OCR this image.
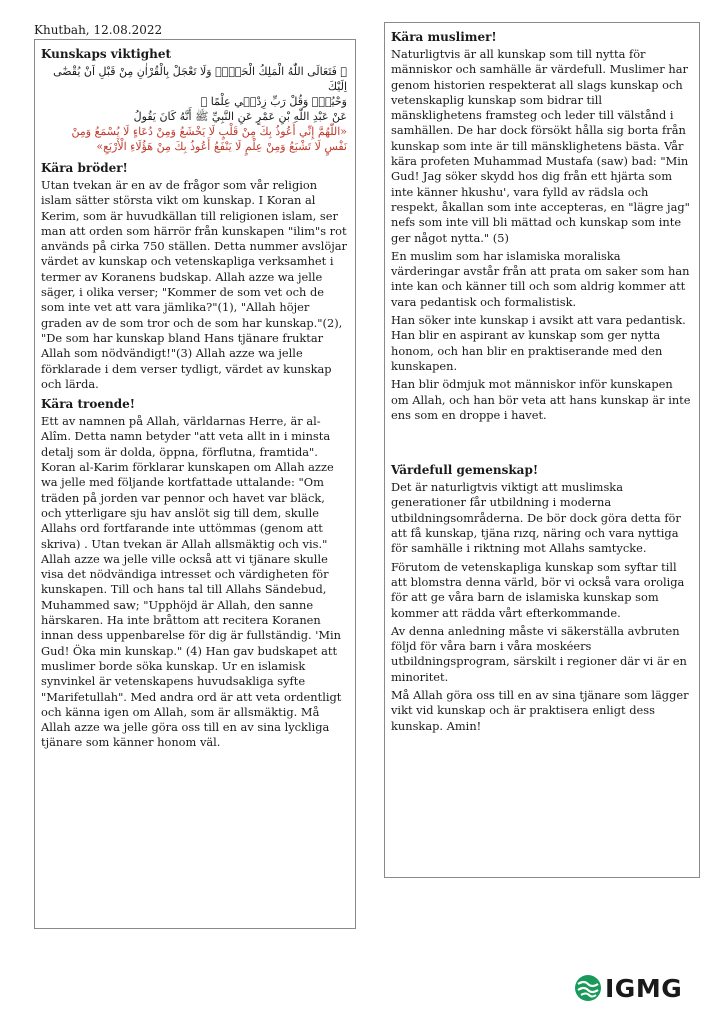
Khutbah, 12.08.2022

Kunskaps viktighet
﴿ فَتَعَالَى اللّٰهُ الْمَلِكُ الْحَقُّۚ وَلَا تَعْجَلْ بِالْقُرْاٰنِ مِنْ قَبْلِ اَنْ يُقْضٰٓى اِلَيْكَ
وَحْيُهُۘ وَقُلْ رَبِّ زِدْن۪ي عِلْمًا ﴾
عَنْ عَبْدِ اللّٰهِ بْنِ عَمْرٍ عَنِ النَّبِيِّ ﷺ أَنَّهُ كَانَ يَقُولُ
«اللّٰهُمَّ إِنِّي أَعُوذُ بِكَ مِنْ قَلْبٍ لَا يَخْشَعُ وَمِنْ دُعَاءٍ لَا يُسْمَعُ وَمِنْ
نَفْسٍ لَا تَشْبَعُ وَمِنْ عِلْمٍ لَا يَنْفَعُ أَعُوذُ بِكَ مِنْ هَؤُلَاءِ الْأَرْبَعِ»
Kära bröder!

Utan tvekan är en av de frågor som vår religion islam sätter största vikt om kunskap. I Koran al Kerim, som är huvudkällan till religionen islam, ser man att orden som härrör från kunskapen "ilim"s rot används på cirka 750 ställen. Detta nummer avslöjar värdet av kunskap och vetenskapliga verksamhet i termer av Koranens budskap. Allah azze wa jelle säger, i olika verser; "Kommer de som vet och de som inte vet att vara jämlika?"(1), "Allah höjer graden av de som tror och de som har kunskap."(2), "De som har kunskap bland Hans tjänare fruktar Allah som nödvändigt!"(3) Allah azze wa jelle förklarade i dem verser tydligt, värdet av kunskap och lärda.

Kära troende!

Ett av namnen på Allah, världarnas Herre, är al-Alîm. Detta namn betyder "att veta allt in i minsta detalj som är dolda, öppna, förflutna, framtida". Koran al-Karim förklarar kunskapen om Allah azze wa jelle med följande kortfattade uttalande: "Om träden på jorden var pennor och havet var bläck, och ytterligare sju hav anslöt sig till dem, skulle Allahs ord fortfarande inte uttömmas (genom att skriva) . Utan tvekan är Allah allsmäktig och vis." Allah azze wa jelle ville också att vi tjänare skulle visa det nödvändiga intresset och värdigheten för kunskapen. Till och hans tal till Allahs Sändebud, Muhammed saw; "Upphöjd är Allah, den sanne härskaren. Ha inte bråttom att recitera Koranen innan dess uppenbarelse för dig är fullständig. 'Min Gud! Öka min kunskap." (4) Han gav budskapet att muslimer borde söka kunskap. Ur en islamisk synvinkel är vetenskapens huvudsakliga syfte "Marifetullah". Med andra ord är att veta ordentligt och känna igen om Allah, som är allsmäktig. Må Allah azze wa jelle göra oss till en av sina lyckliga tjänare som känner honom väl.

Kära muslimer!

Naturligtvis är all kunskap som till nytta för människor och samhälle är värdefull. Muslimer har genom historien respekterat all slags kunskap och vetenskaplig kunskap som bidrar till mänsklighetens framsteg och leder till välstånd i samhällen. De har dock försökt hålla sig borta från kunskap som inte är till mänsklighetens bästa. Vår kära profeten Muhammad Mustafa (saw) bad: "Min Gud! Jag söker skydd hos dig från ett hjärta som inte känner hkushu', vara fylld av rädsla och respekt, åkallan som inte accepteras, en "lägre jag" nefs som inte vill bli mättad och kunskap som inte ger något nytta." (5)

En muslim som har islamiska moraliska värderingar avstår från att prata om saker som han inte kan och känner till och som aldrig kommer att vara pedantisk och formalistisk.

Han söker inte kunskap i avsikt att vara pedantisk. Han blir en aspirant av kunskap som ger nytta honom, och han blir en praktiserande med den kunskapen.

Han blir ödmjuk mot människor inför kunskapen om Allah, och han bör veta att hans kunskap är inte ens som en droppe i havet.

Värdefull gemenskap!

Det är naturligtvis viktigt att muslimska generationer får utbildning i moderna utbildningsområderna. De bör dock göra detta för att få kunskap, tjäna rızq, näring och vara nyttiga för samhälle i riktning mot Allahs samtycke.

Förutom de vetenskapliga kunskap som syftar till att blomstra denna värld, bör vi också vara oroliga för att ge våra barn de islamiska kunskap som kommer att rädda vårt efterkommande.

Av denna anledning måste vi säkerställa avbruten följd för våra barn i våra moskéers utbildningsprogram, särskilt i regioner där vi är en minoritet.

Må Allah göra oss till en av sina tjänare som lägger vikt vid kunskap och är praktisera enligt dess kunskap. Amin!

IGMG
